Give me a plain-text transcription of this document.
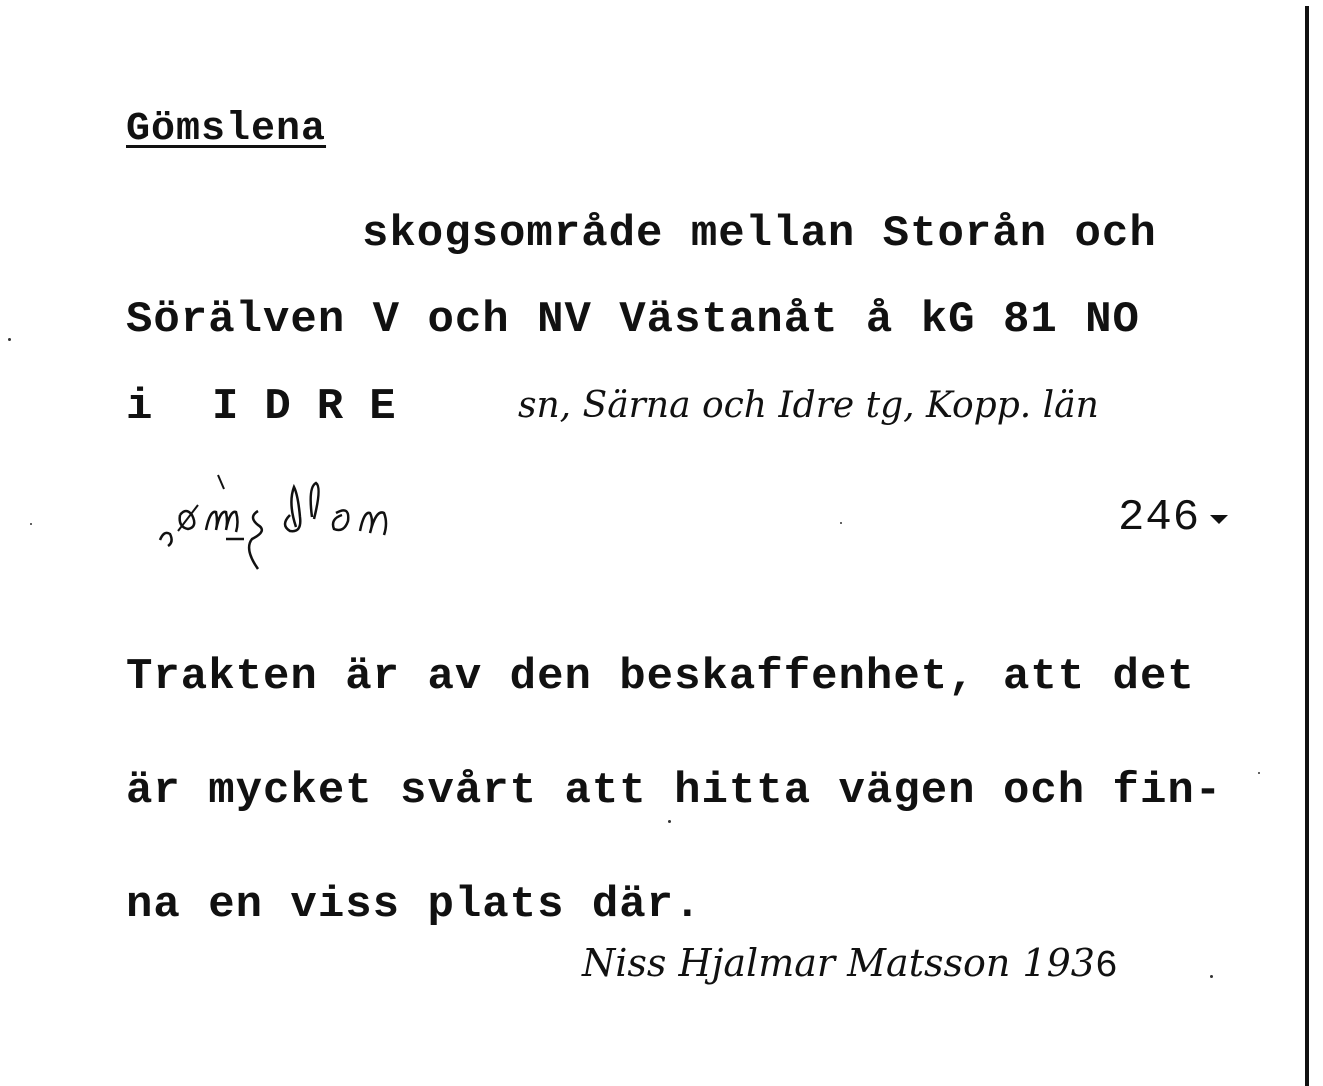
Gömslena
skogsområde mellan Storån och
Sörälven V och NV Västanåt å kG 81 NO
i IDRE	sn, Särna och Idre tg, Kopp. län
246

Trakten är av den beskaffenhet, att det

är mycket svårt att hitta vägen och fin-

na en viss plats där.

Niss Hjalmar Matsson 1936
